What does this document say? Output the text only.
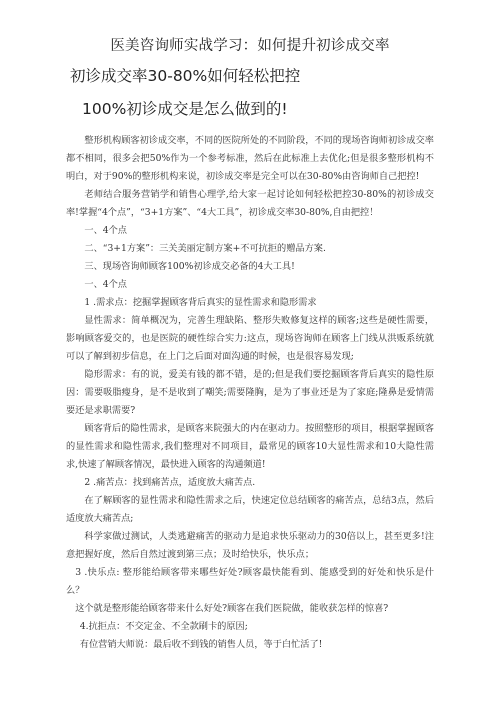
医美咨询师实战学习：如何提升初诊成交率
初诊成交率30-80%如何轻松把控
100%初诊成交是怎么做到的!

整形机构顾客初诊成交率，不同的医院所处的不同阶段，不同的现场咨询师初诊成交率都不相同，很多会把50%作为一个参考标准，然后在此标准上去优化;但是很多整形机构不明白，对于90%的整形机构来说，初诊成交率是完全可以在30-80%由咨询师自己把控!

老师结合服务营销学和销售心理学,给大家一起讨论如何轻松把控30-80%的初诊成交率!掌握“4个点”，“3+1方案”、“4大工具”，初诊成交率30-80%,自由把控！

一、4个点

二、“3+1方案”：三关美丽定制方案+不可抗拒的赠品方案.

三、现场咨询师顾客100%初诊成交必备的4大工具!

一、4个点

1 .需求点：挖掘掌握顾客背后真实的显性需求和隐形需求

显性需求：简单概况为，完善生理缺陷、整形失败修复这样的顾客;这些是硬性需要，影响顾客爱交的，也是医院的硬性综合实力:这点，现场咨询师在顾客上门线从洪贩系统就可以了解到初步信息，在上门之后面对面沟通的时候，也是很容易发现;

隐形需求：有的说，爱美有钱的都不错，是的;但是我们要挖掘顾客背后真实的隐性原因：需要吸脂瘦身，是不是收到了嘲笑;需要隆胸，是为了事业还是为了家庭;隆鼻是爱情需要还是求职需要?

顾客背后的隐性需求，是顾客来院强大的内在驱动力。按照整形的项目，根据掌握顾客的显性需求和隐性需求,我们整理对不同项目，最常见的顾客10大显性需求和10大隐性需求,快速了解顾客情况，最快进入顾客的沟通频道!

2 .痛苦点：找到痛苦点，适度放大痛苦点.

在了解顾客的显性需求和隐性需求之后，快速定位总结顾客的痛苦点，总结3点，然后适度放大痛苦点;

科学家做过测试，人类逃避痛苦的驱动力是追求快乐驱动力的30倍以上，甚至更多!注意把握好度，然后自然过渡到第三点；及时给快乐，快乐点；

3 .快乐点: 整形能给顾客带来哪些好处?顾客最快能看到、能感受到的好处和快乐是什么？

这个就是整形能给顾客带来什么好处?顾客在我们医院做，能收获怎样的惊喜?

4.抗拒点：不交定金、不全款刷卡的原因;

有位营销大师说：最后收不到钱的销售人员，等于白忙活了!
